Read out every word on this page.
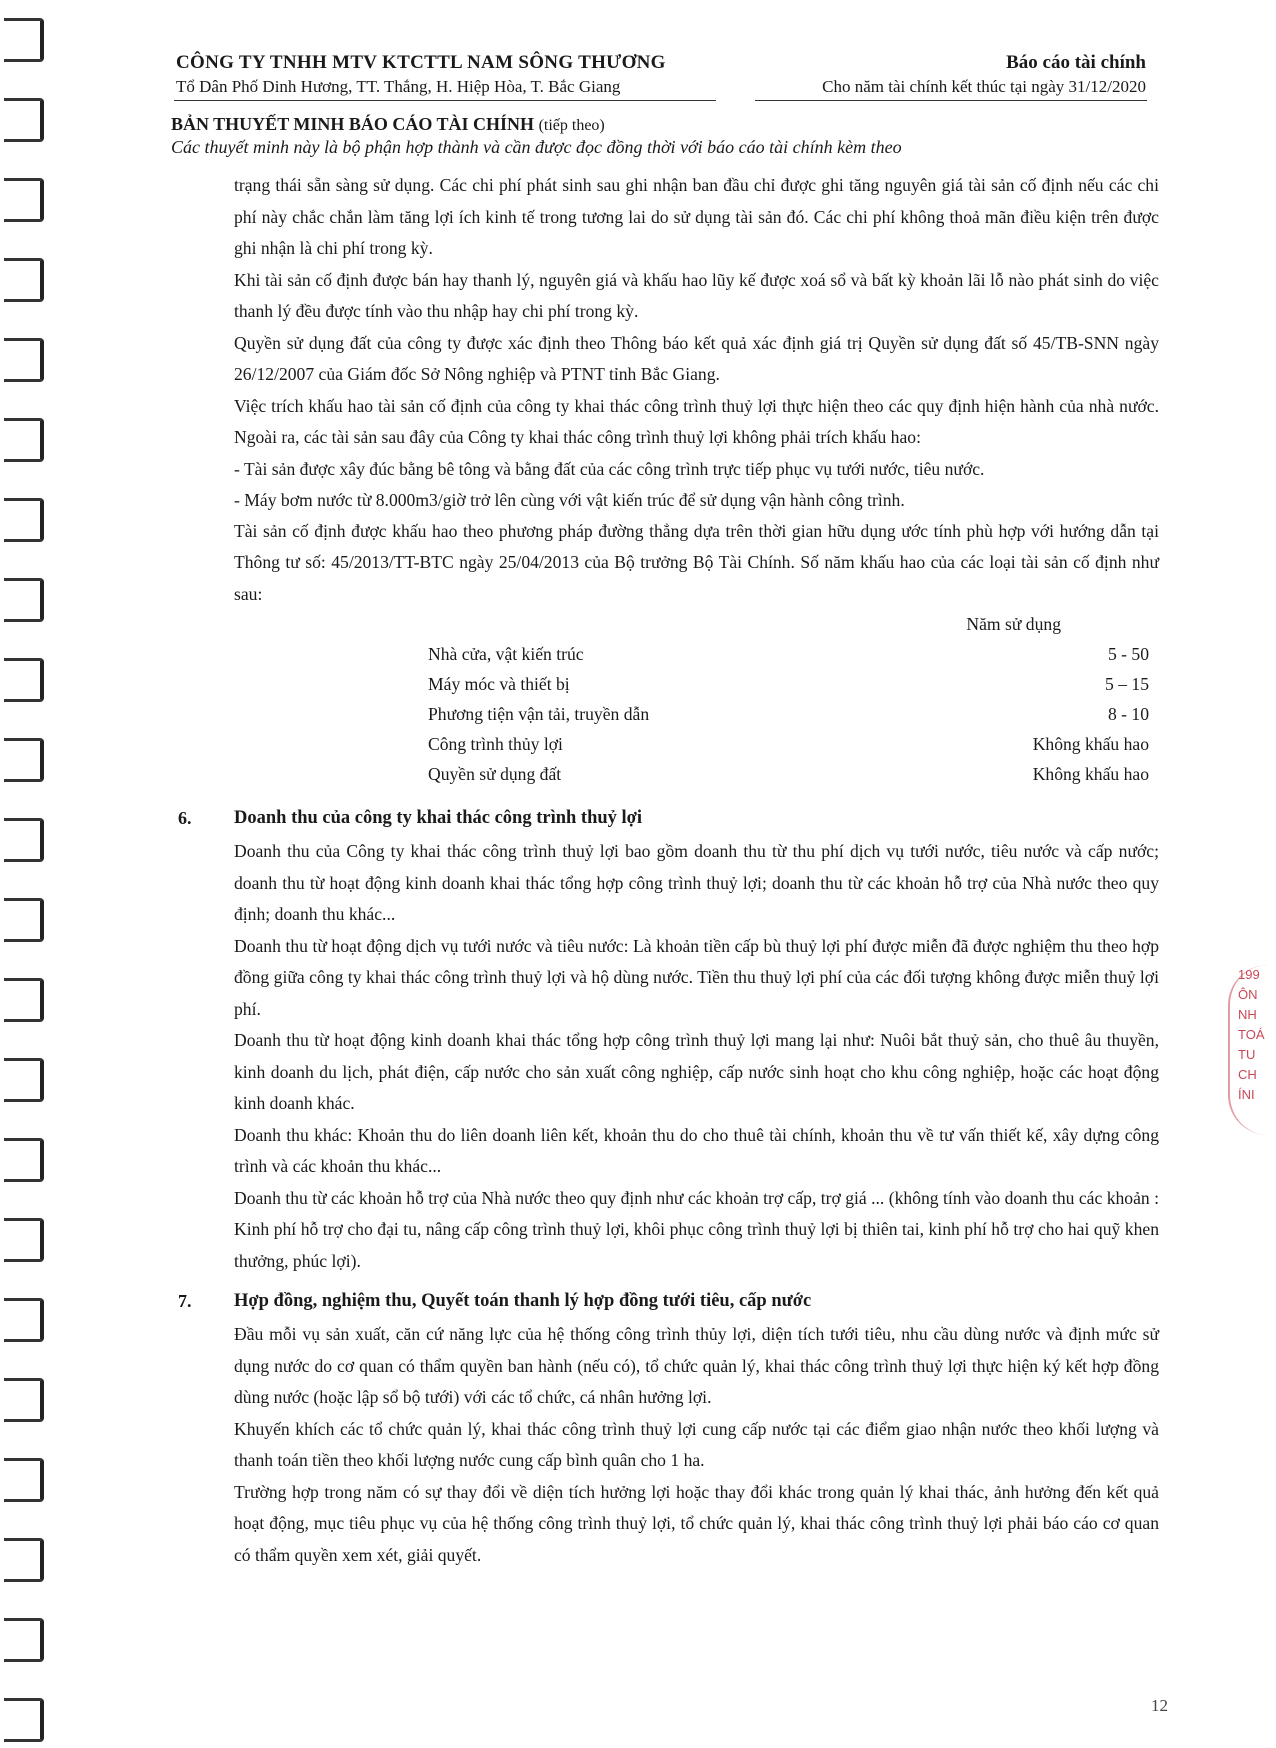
CÔNG TY TNHH MTV KTCTTL NAM SÔNG THƯƠNG
Tổ Dân Phố Dinh Hương, TT. Thắng, H. Hiệp Hòa, T. Bắc Giang
Báo cáo tài chính
Cho năm tài chính kết thúc tại ngày 31/12/2020
BẢN THUYẾT MINH BÁO CÁO TÀI CHÍNH (tiếp theo)
Các thuyết minh này là bộ phận hợp thành và cần được đọc đồng thời với báo cáo tài chính kèm theo

trạng thái sẵn sàng sử dụng. Các chi phí phát sinh sau ghi nhận ban đầu chỉ được ghi tăng nguyên giá tài sản cố định nếu các chi phí này chắc chắn làm tăng lợi ích kinh tế trong tương lai do sử dụng tài sản đó. Các chi phí không thoả mãn điều kiện trên được ghi nhận là chi phí trong kỳ.

Khi tài sản cố định được bán hay thanh lý, nguyên giá và khấu hao lũy kế được xoá sổ và bất kỳ khoản lãi lỗ nào phát sinh do việc thanh lý đều được tính vào thu nhập hay chi phí trong kỳ.

Quyền sử dụng đất của công ty được xác định theo Thông báo kết quả xác định giá trị Quyền sử dụng đất số 45/TB-SNN ngày 26/12/2007 của Giám đốc Sở Nông nghiệp và PTNT tỉnh Bắc Giang.

Việc trích khấu hao tài sản cố định của công ty khai thác công trình thuỷ lợi thực hiện theo các quy định hiện hành của nhà nước. Ngoài ra, các tài sản sau đây của Công ty khai thác công trình thuỷ lợi không phải trích khấu hao:

- Tài sản được xây đúc bằng bê tông và bằng đất của các công trình trực tiếp phục vụ tưới nước, tiêu nước.

- Máy bơm nước từ 8.000m3/giờ trở lên cùng với vật kiến trúc để sử dụng vận hành công trình.

Tài sản cố định được khấu hao theo phương pháp đường thẳng dựa trên thời gian hữu dụng ước tính phù hợp với hướng dẫn tại Thông tư số: 45/2013/TT-BTC ngày 25/04/2013 của Bộ trưởng Bộ Tài Chính. Số năm khấu hao của các loại tài sản cố định như sau:

Năm sử dụng
Nhà cửa, vật kiến trúc	5 - 50
Máy móc và thiết bị	5 – 15
Phương tiện vận tải, truyền dẫn	8 - 10
Công trình thủy lợi	Không khấu hao
Quyền sử dụng đất	Không khấu hao
6. Doanh thu của công ty khai thác công trình thuỷ lợi

Doanh thu của Công ty khai thác công trình thuỷ lợi bao gồm doanh thu từ thu phí dịch vụ tưới nước, tiêu nước và cấp nước; doanh thu từ hoạt động kinh doanh khai thác tổng hợp công trình thuỷ lợi; doanh thu từ các khoản hỗ trợ của Nhà nước theo quy định; doanh thu khác...

Doanh thu từ hoạt động dịch vụ tưới nước và tiêu nước: Là khoản tiền cấp bù thuỷ lợi phí được miễn đã được nghiệm thu theo hợp đồng giữa công ty khai thác công trình thuỷ lợi và hộ dùng nước. Tiền thu thuỷ lợi phí của các đối tượng không được miễn thuỷ lợi phí.

Doanh thu từ hoạt động kinh doanh khai thác tổng hợp công trình thuỷ lợi mang lại như: Nuôi bắt thuỷ sản, cho thuê âu thuyền, kinh doanh du lịch, phát điện, cấp nước cho sản xuất công nghiệp, cấp nước sinh hoạt cho khu công nghiệp, hoặc các hoạt động kinh doanh khác.

Doanh thu khác: Khoản thu do liên doanh liên kết, khoản thu do cho thuê tài chính, khoản thu về tư vấn thiết kế, xây dựng công trình và các khoản thu khác...

Doanh thu từ các khoản hỗ trợ của Nhà nước theo quy định như các khoản trợ cấp, trợ giá ... (không tính vào doanh thu các khoản : Kinh phí hỗ trợ cho đại tu, nâng cấp công trình thuỷ lợi, khôi phục công trình thuỷ lợi bị thiên tai, kinh phí hỗ trợ cho hai quỹ khen thưởng, phúc lợi).

7. Hợp đồng, nghiệm thu, Quyết toán thanh lý hợp đồng tưới tiêu, cấp nước

Đầu mỗi vụ sản xuất, căn cứ năng lực của hệ thống công trình thủy lợi, diện tích tưới tiêu, nhu cầu dùng nước và định mức sử dụng nước do cơ quan có thẩm quyền ban hành (nếu có), tổ chức quản lý, khai thác công trình thuỷ lợi thực hiện ký kết hợp đồng dùng nước (hoặc lập sổ bộ tưới) với các tổ chức, cá nhân hưởng lợi.

Khuyến khích các tổ chức quản lý, khai thác công trình thuỷ lợi cung cấp nước tại các điểm giao nhận nước theo khối lượng và thanh toán tiền theo khối lượng nước cung cấp bình quân cho 1 ha.

Trường hợp trong năm có sự thay đổi về diện tích hưởng lợi hoặc thay đổi khác trong quản lý khai thác, ảnh hưởng đến kết quả hoạt động, mục tiêu phục vụ của hệ thống công trình thuỷ lợi, tổ chức quản lý, khai thác công trình thuỷ lợi phải báo cáo cơ quan có thẩm quyền xem xét, giải quyết.

199
ÔN
NH
TOÁ
TU
CH
ÍNI
12
